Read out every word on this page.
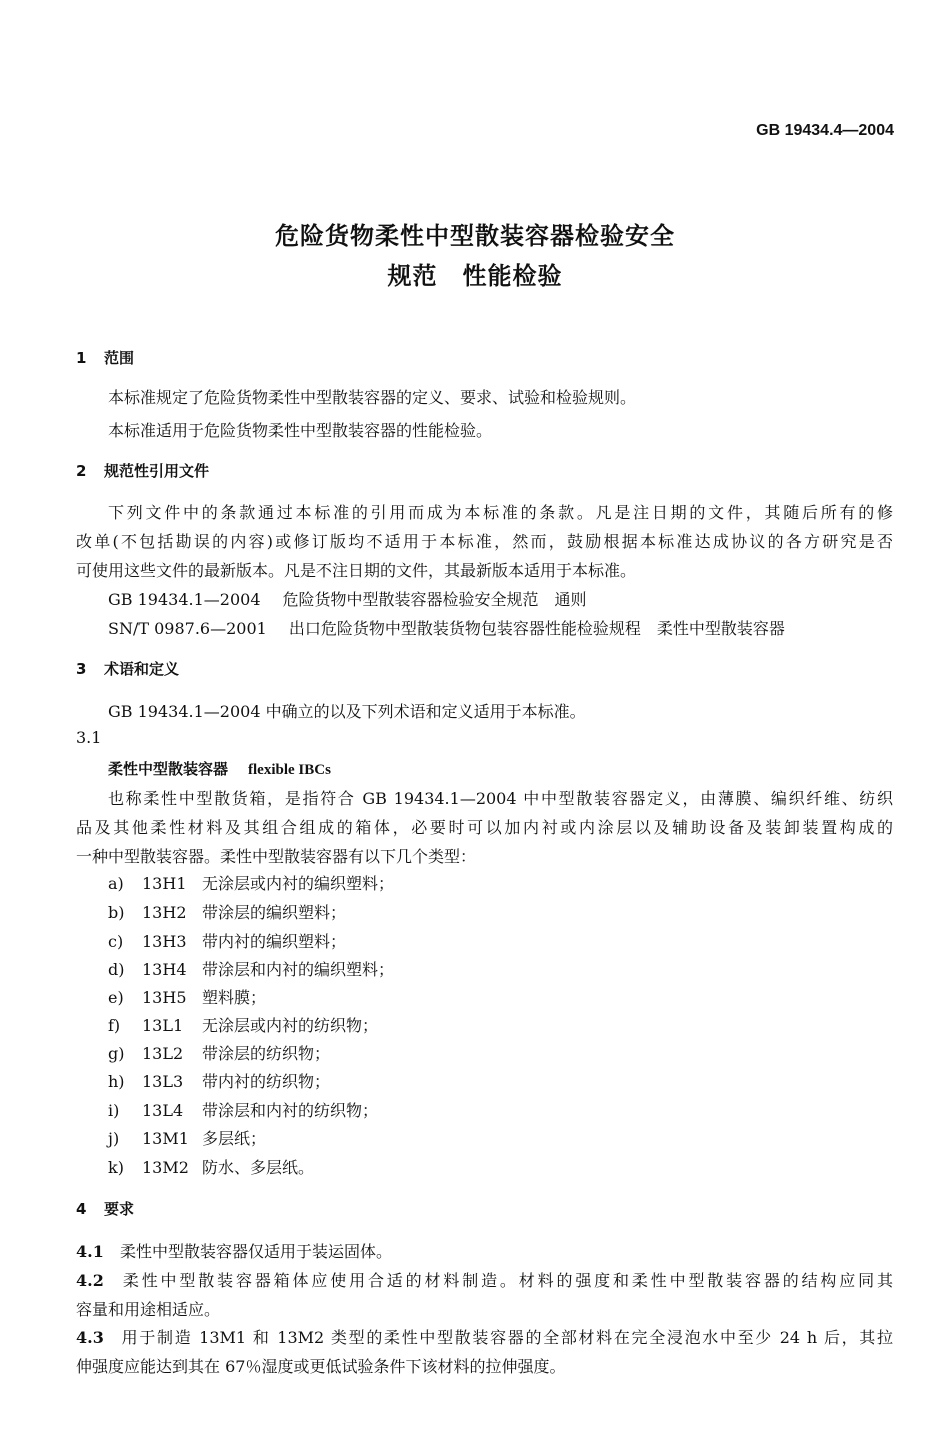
GB 19434.4—2004
危险货物柔性中型散装容器检验安全
规范　性能检验
1 范围
本标准规定了危险货物柔性中型散装容器的定义、要求、试验和检验规则。
本标准适用于危险货物柔性中型散装容器的性能检验。
2 规范性引用文件
下列文件中的条款通过本标准的引用而成为本标准的条款。凡是注日期的文件，其随后所有的修
改单(不包括勘误的内容)或修订版均不适用于本标准，然而，鼓励根据本标准达成协议的各方研究是否
可使用这些文件的最新版本。凡是不注日期的文件，其最新版本适用于本标准。
GB 19434.1—2004 危险货物中型散装容器检验安全规范　通则
SN/T 0987.6—2001 出口危险货物中型散装货物包装容器性能检验规程　柔性中型散装容器
3 术语和定义
GB 19434.1—2004 中确立的以及下列术语和定义适用于本标准。
3.1
柔性中型散装容器 flexible IBCs
也称柔性中型散货箱，是指符合 GB 19434.1—2004 中中型散装容器定义，由薄膜、编织纤维、纺织
品及其他柔性材料及其组合组成的箱体，必要时可以加内衬或内涂层以及辅助设备及装卸装置构成的
一种中型散装容器。柔性中型散装容器有以下几个类型：
a) 13H1 无涂层或内衬的编织塑料；
b) 13H2 带涂层的编织塑料；
c) 13H3 带内衬的编织塑料；
d) 13H4 带涂层和内衬的编织塑料；
e) 13H5 塑料膜；
f) 13L1 无涂层或内衬的纺织物；
g) 13L2 带涂层的纺织物；
h) 13L3 带内衬的纺织物；
i) 13L4 带涂层和内衬的纺织物；
j) 13M1 多层纸；
k) 13M2 防水、多层纸。
4 要求
4.1 柔性中型散装容器仅适用于装运固体。
4.2 柔性中型散装容器箱体应使用合适的材料制造。材料的强度和柔性中型散装容器的结构应同其
容量和用途相适应。
4.3 用于制造 13M1 和 13M2 类型的柔性中型散装容器的全部材料在完全浸泡水中至少 24 h 后，其拉
伸强度应能达到其在 67％湿度或更低试验条件下该材料的拉伸强度。
